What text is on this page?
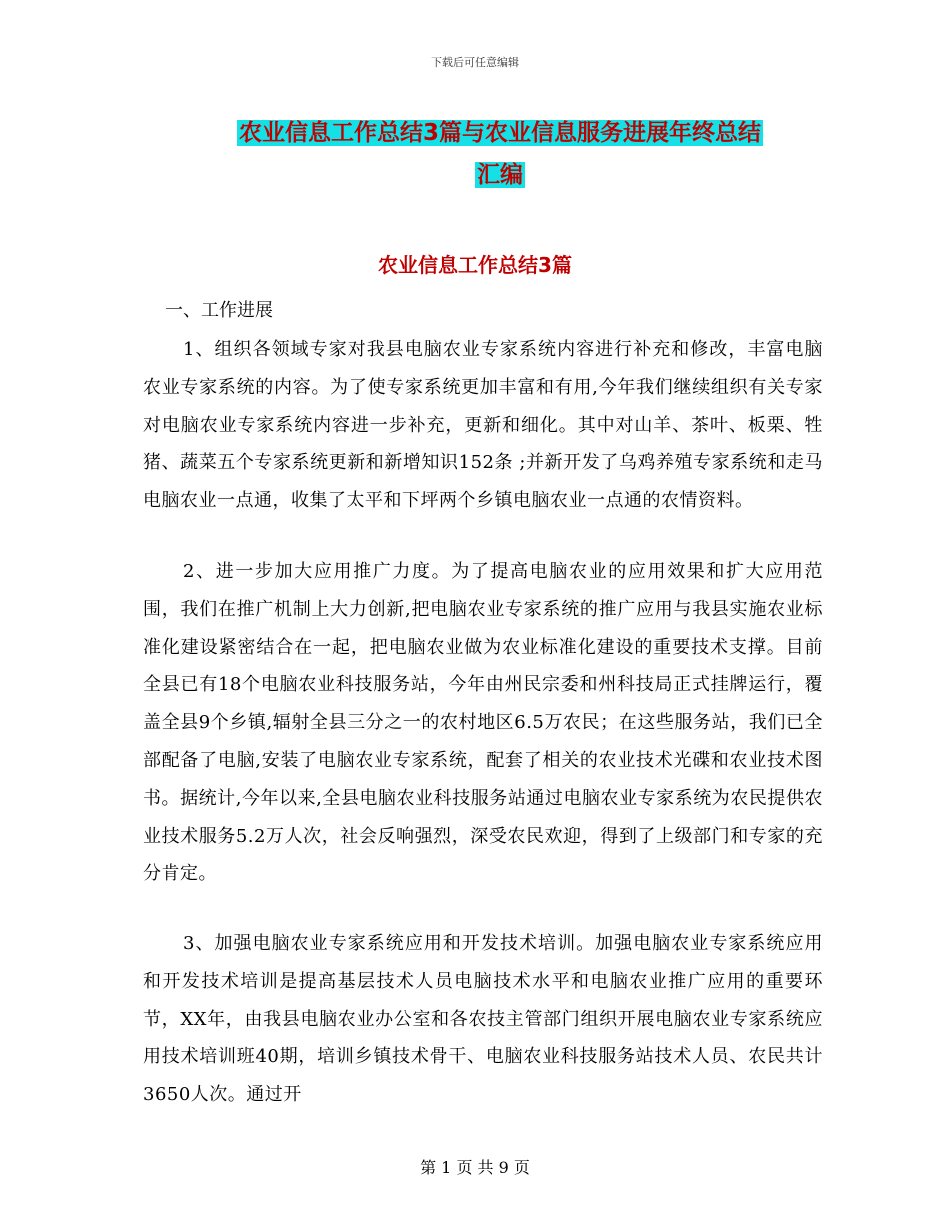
下载后可任意编辑
农业信息工作总结3篇与农业信息服务进展年终总结
汇编
农业信息工作总结3篇
一、工作进展
1、组织各领域专家对我县电脑农业专家系统内容进行补充和修改，丰富电脑农业专家系统的内容。为了使专家系统更加丰富和有用,今年我们继续组织有关专家对电脑农业专家系统内容进一步补充，更新和细化。其中对山羊、茶叶、板栗、牲猪、蔬菜五个专家系统更新和新增知识152条 ;并新开发了乌鸡养殖专家系统和走马电脑农业一点通，收集了太平和下坪两个乡镇电脑农业一点通的农情资料。
2、进一步加大应用推广力度。为了提高电脑农业的应用效果和扩大应用范围，我们在推广机制上大力创新,把电脑农业专家系统的推广应用与我县实施农业标准化建设紧密结合在一起，把电脑农业做为农业标准化建设的重要技术支撑。目前全县已有18个电脑农业科技服务站，今年由州民宗委和州科技局正式挂牌运行，覆盖全县9个乡镇,辐射全县三分之一的农村地区6.5万农民；在这些服务站，我们已全部配备了电脑,安装了电脑农业专家系统，配套了相关的农业技术光碟和农业技术图书。据统计,今年以来,全县电脑农业科技服务站通过电脑农业专家系统为农民提供农业技术服务5.2万人次，社会反响强烈，深受农民欢迎，得到了上级部门和专家的充分肯定。
3、加强电脑农业专家系统应用和开发技术培训。加强电脑农业专家系统应用和开发技术培训是提高基层技术人员电脑技术水平和电脑农业推广应用的重要环节，XX年，由我县电脑农业办公室和各农技主管部门组织开展电脑农业专家系统应用技术培训班40期，培训乡镇技术骨干、电脑农业科技服务站技术人员、农民共计3650人次。通过开
第 1 页 共 9 页
